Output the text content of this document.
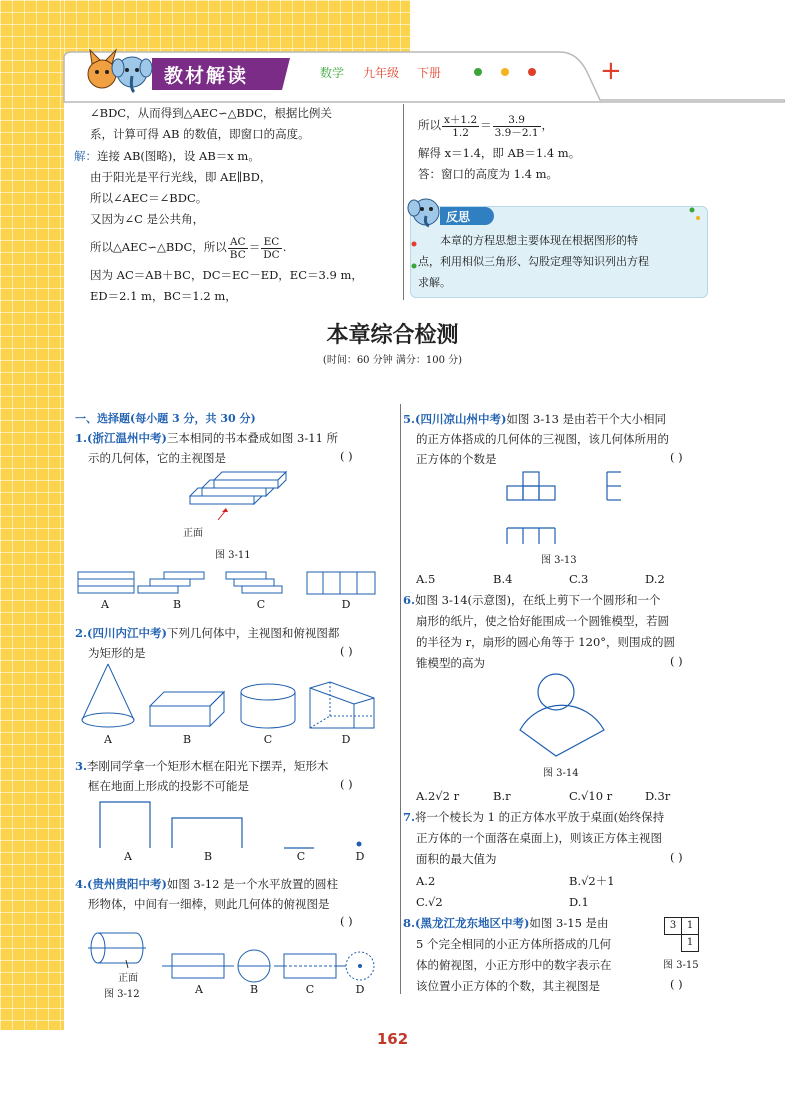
教材解读	数学 九年级 下册	+
∠BDC，从而得到△AEC∽△BDC，根据比例关
系，计算可得 AB 的数值，即窗口的高度。
解：连接 AB(图略)，设 AB＝x m。
由于阳光是平行光线，即 AE∥BD，
所以∠AEC＝∠BDC。
又因为∠C 是公共角，
所以△AEC∽△BDC，所以 $\frac{AC}{BC} = \frac{EC}{DC}$ .
因为 AC＝AB＋BC，DC＝EC－ED，EC＝3.9 m，
ED＝2.1 m，BC＝1.2 m，
所以 $\frac{x+1.2}{1.2} = \frac{3.9}{3.9-2.1}$ ，
解得 x＝1.4，即 AB＝1.4 m。
答：窗口的高度为 1.4 m。
反思
本章的方程思想主要体现在根据图形的特
点，利用相似三角形、勾股定理等知识列出方程
求解。
本章综合检测
(时间：60 分钟 满分：100 分)
一、选择题(每小题 3 分，共 30 分)
1.(浙江温州中考)三本相同的书本叠成如图 3-11 所
示的几何体，它的主视图是	( )
正面
图 3-11
A	B	C	D
2.(四川内江中考)下列几何体中，主视图和俯视图都
为矩形的是	( )
A	B	C	D
3.李刚同学拿一个矩形木框在阳光下摆弄，矩形木
框在地面上形成的投影不可能是	( )
A	B	C	D
4.(贵州贵阳中考)如图 3-12 是一个水平放置的圆柱
形物体，中间有一细棒，则此几何体的俯视图是
( )
正面
图 3-12	A	B	C	D
5.(四川凉山州中考)如图 3-13 是由若干个大小相同
的正方体搭成的几何体的三视图，该几何体所用的
正方体的个数是	( )
图 3-13
A.5	B.4	C.3	D.2
6.如图 3-14(示意图)，在纸上剪下一个圆形和一个
扇形的纸片，使之恰好能围成一个圆锥模型，若圆
的半径为 r，扇形的圆心角等于 120°，则围成的圆
锥模型的高为	( )
图 3-14
A.2√2 r	B.r	C.√10 r	D.3r
7.将一个棱长为 1 的正方体水平放于桌面(始终保持
正方体的一个面落在桌面上)，则该正方体主视图
面积的最大值为	( )
A.2	B.√2＋1
C.√2	D.1
8.(黑龙江龙东地区中考)如图 3-15 是由
5 个完全相同的小正方体所搭成的几何
体的俯视图，小正方形中的数字表示在
该位置小正方体的个数，其主视图是	( )
3	1
1
图 3-15
162
